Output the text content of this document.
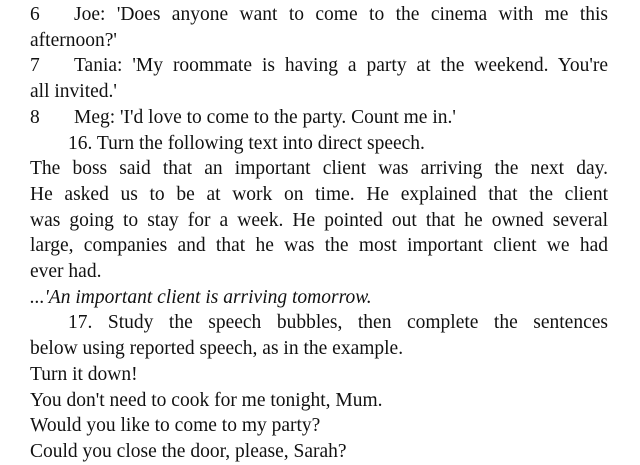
6 Joe: 'Does anyone want to come to the cinema with me this
afternoon?'
7 Tania: 'My roommate is having a party at the weekend. You're
all invited.'
8 Meg: 'I'd love to come to the party. Count me in.'
16. Turn the following text into direct speech.
The boss said that an important client was arriving the next day.
He asked us to be at work on time. He explained that the client
was going to stay for a week. He pointed out that he owned several
large, companies and that he was the most important client we had
ever had.
...'An important client is arriving tomorrow.
17. Study the speech bubbles, then complete the sentences
below using reported speech, as in the example.
Turn it down!
You don't need to cook for me tonight, Mum.
Would you like to come to my party?
Could you close the door, please, Sarah?
